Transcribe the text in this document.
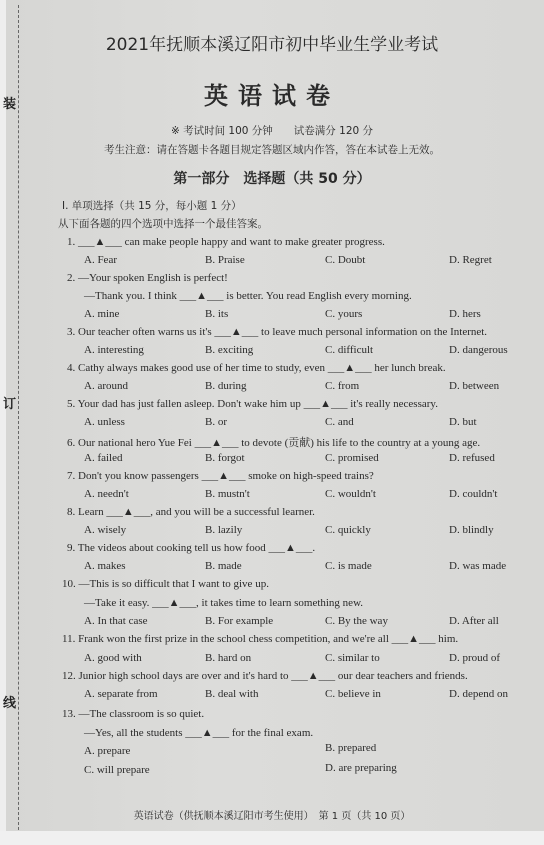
装
订
线
2021年抚顺本溪辽阳市初中毕业生学业考试
英语试卷
※ 考试时间 100 分钟　　试卷满分 120 分
考生注意：请在答题卡各题目规定答题区域内作答，答在本试卷上无效。
第一部分　选择题（共 50 分）
Ⅰ. 单项选择（共 15 分，每小题 1 分）
从下面各题的四个选项中选择一个最佳答案。
1. ___▲___ can make people happy and want to make greater progress.
A. Fear	B. Praise	C. Doubt	D. Regret
2. —Your spoken English is perfect!
—Thank you. I think ___▲___ is better. You read English every morning.
A. mine	B. its	C. yours	D. hers
3. Our teacher often warns us it's ___▲___ to leave much personal information on the Internet.
A. interesting	B. exciting	C. difficult	D. dangerous
4. Cathy always makes good use of her time to study, even ___▲___ her lunch break.
A. around	B. during	C. from	D. between
5. Your dad has just fallen asleep. Don't wake him up ___▲___ it's really necessary.
A. unless	B. or	C. and	D. but
6. Our national hero Yue Fei ___▲___ to devote (贡献) his life to the country at a young age.
A. failed	B. forgot	C. promised	D. refused
7. Don't you know passengers ___▲___ smoke on high-speed trains?
A. needn't	B. mustn't	C. wouldn't	D. couldn't
8. Learn ___▲___, and you will be a successful learner.
A. wisely	B. lazily	C. quickly	D. blindly
9. The videos about cooking tell us how food ___▲___.
A. makes	B. made	C. is made	D. was made
10. —This is so difficult that I want to give up.
—Take it easy. ___▲___, it takes time to learn something new.
A. In that case	B. For example	C. By the way	D. After all
11. Frank won the first prize in the school chess competition, and we're all ___▲___ him.
A. good with	B. hard on	C. similar to	D. proud of
12. Junior high school days are over and it's hard to ___▲___ our dear teachers and friends.
A. separate from	B. deal with	C. believe in	D. depend on
13. —The classroom is so quiet.
—Yes, all the students ___▲___ for the final exam.
A. prepare	B. prepared
C. will prepare	D. are preparing
英语试卷（供抚顺本溪辽阳市考生使用）　第 1 页（共 10 页）
